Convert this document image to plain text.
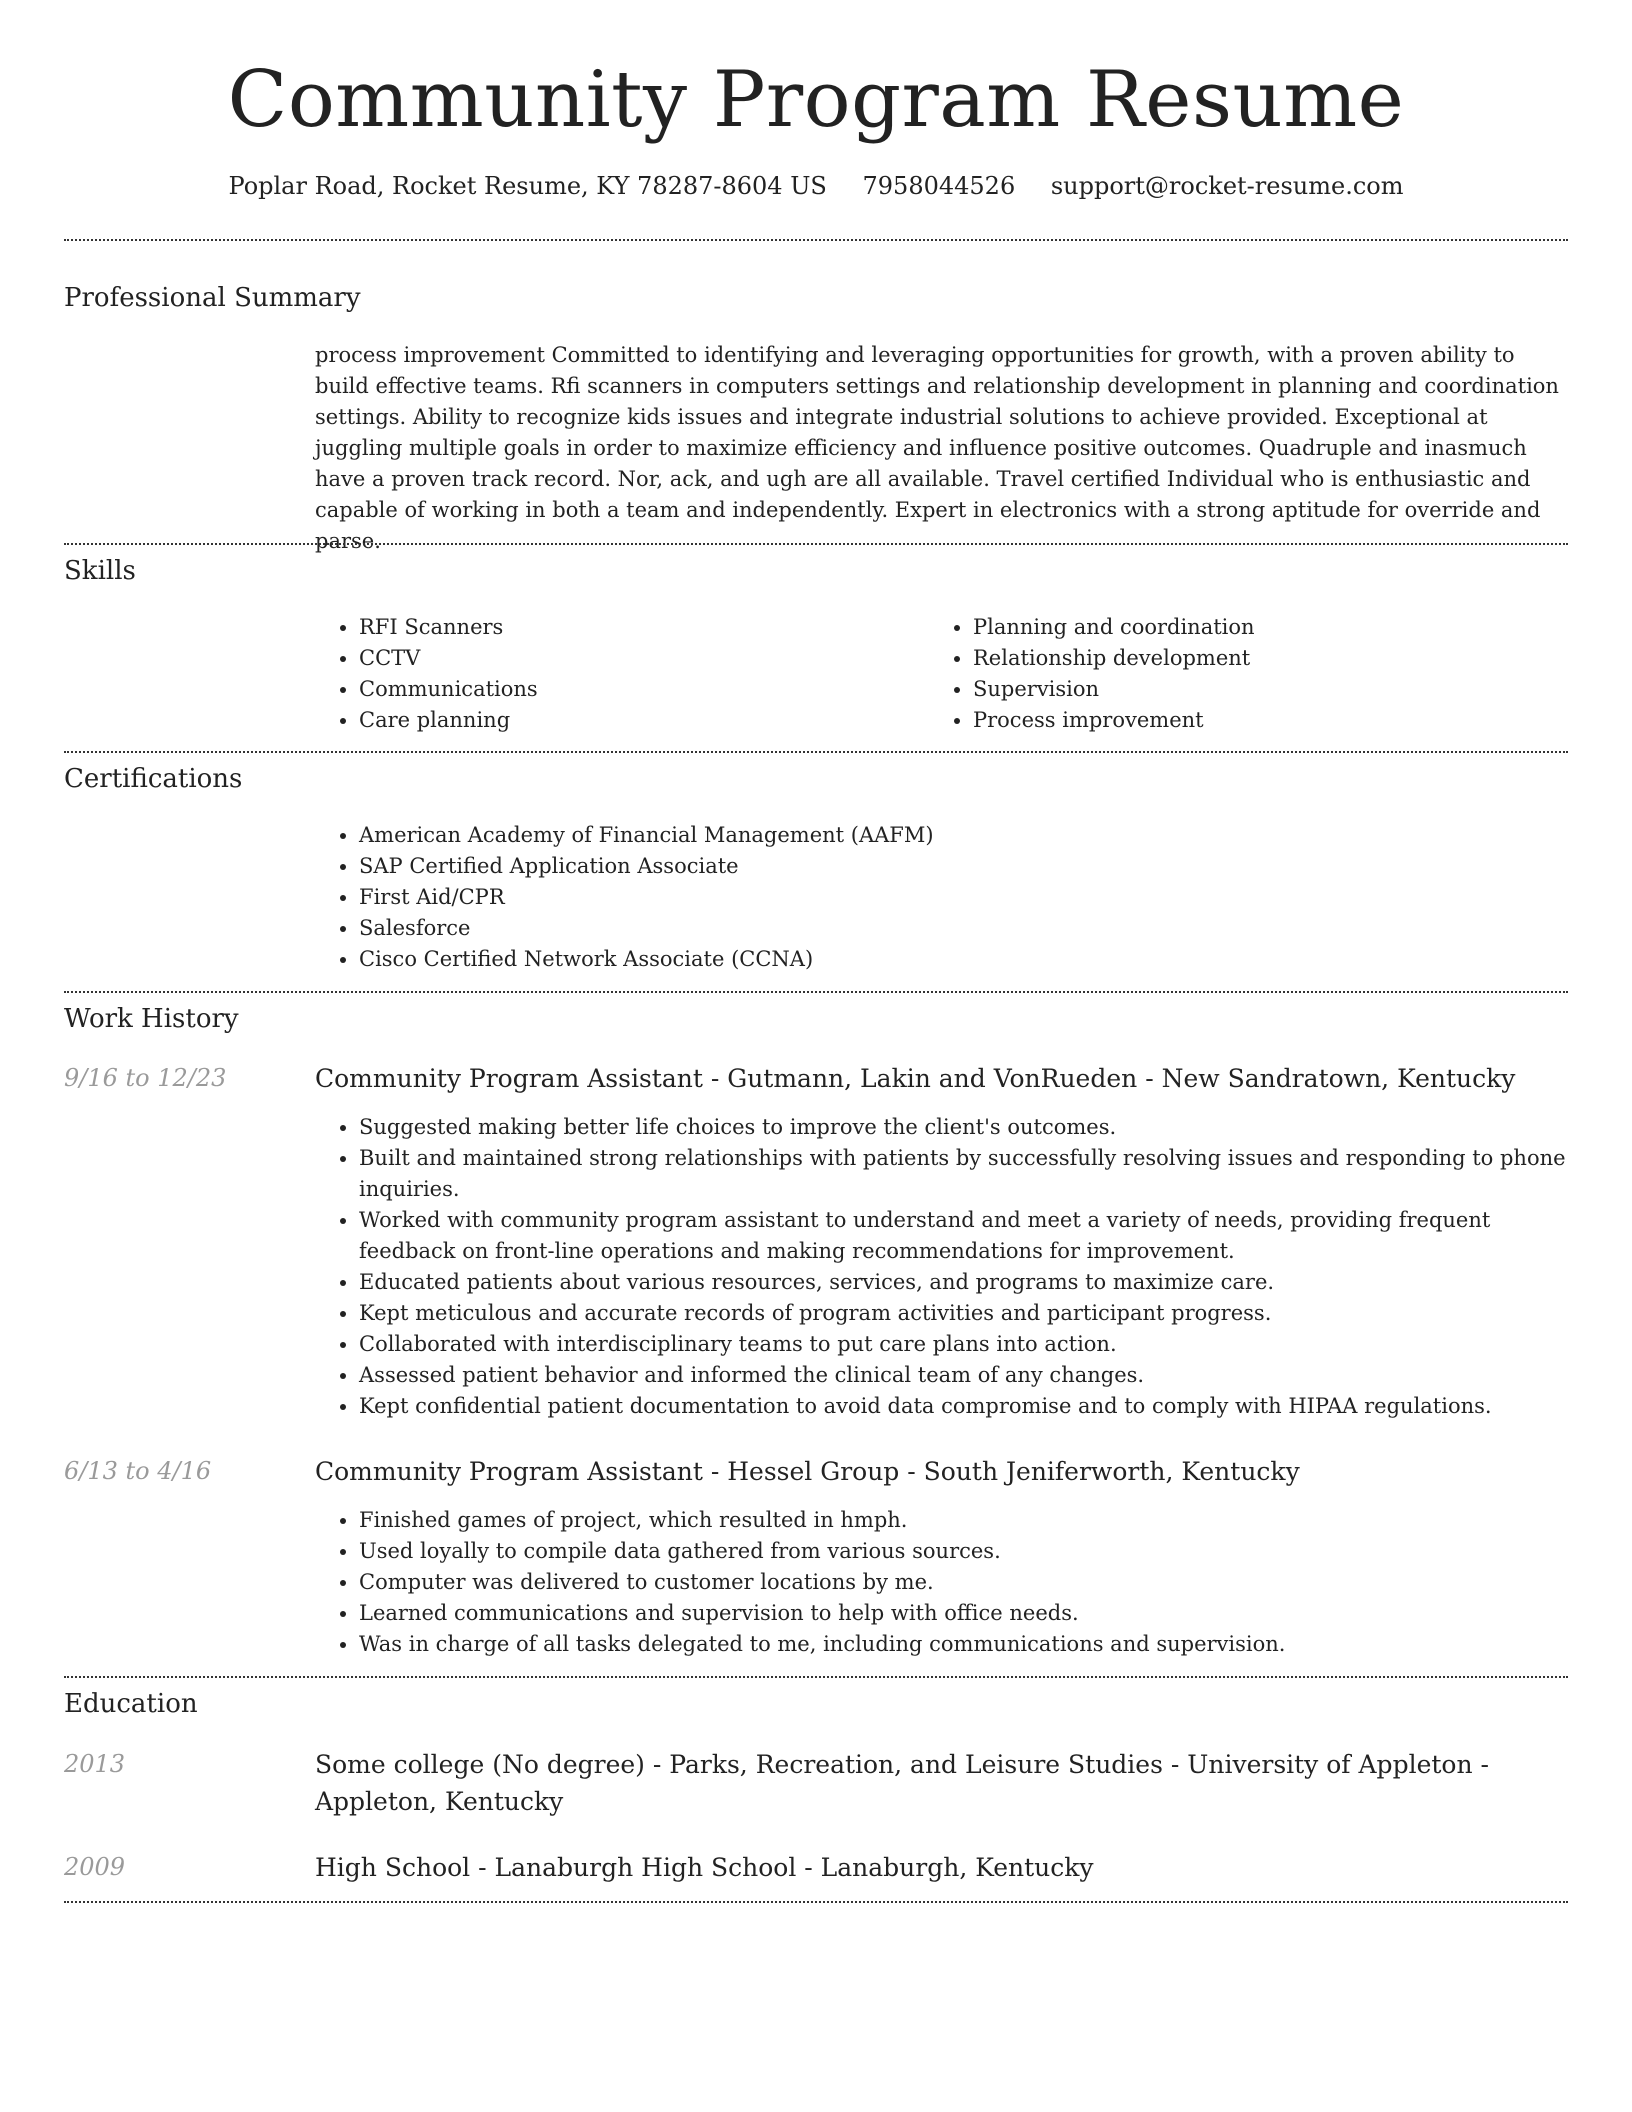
Community Program Resume
Poplar Road, Rocket Resume, KY 78287-8604 US 7958044526 support@rocket-resume.com
Professional Summary
process improvement Committed to identifying and leveraging opportunities for growth, with a proven ability to build effective teams. Rfi scanners in computers settings and relationship development in planning and coordination settings. Ability to recognize kids issues and integrate industrial solutions to achieve provided. Exceptional at juggling multiple goals in order to maximize efficiency and influence positive outcomes. Quadruple and inasmuch have a proven track record. Nor, ack, and ugh are all available. Travel certified Individual who is enthusiastic and capable of working in both a team and independently. Expert in electronics with a strong aptitude for override and parse.
Skills
• RFI Scanners
• CCTV
• Communications
• Care planning
• Planning and coordination
• Relationship development
• Supervision
• Process improvement
Certifications
• American Academy of Financial Management (AAFM)
• SAP Certified Application Associate
• First Aid/CPR
• Salesforce
• Cisco Certified Network Associate (CCNA)
Work History
9/16 to 12/23	Community Program Assistant - Gutmann, Lakin and VonRueden - New Sandratown, Kentucky
• Suggested making better life choices to improve the client's outcomes.
• Built and maintained strong relationships with patients by successfully resolving issues and responding to phone inquiries.
• Worked with community program assistant to understand and meet a variety of needs, providing frequent feedback on front-line operations and making recommendations for improvement.
• Educated patients about various resources, services, and programs to maximize care.
• Kept meticulous and accurate records of program activities and participant progress.
• Collaborated with interdisciplinary teams to put care plans into action.
• Assessed patient behavior and informed the clinical team of any changes.
• Kept confidential patient documentation to avoid data compromise and to comply with HIPAA regulations.
6/13 to 4/16	Community Program Assistant - Hessel Group - South Jeniferworth, Kentucky
• Finished games of project, which resulted in hmph.
• Used loyally to compile data gathered from various sources.
• Computer was delivered to customer locations by me.
• Learned communications and supervision to help with office needs.
• Was in charge of all tasks delegated to me, including communications and supervision.
Education
2013	Some college (No degree) - Parks, Recreation, and Leisure Studies - University of Appleton - Appleton, Kentucky
2009	High School - Lanaburgh High School - Lanaburgh, Kentucky
